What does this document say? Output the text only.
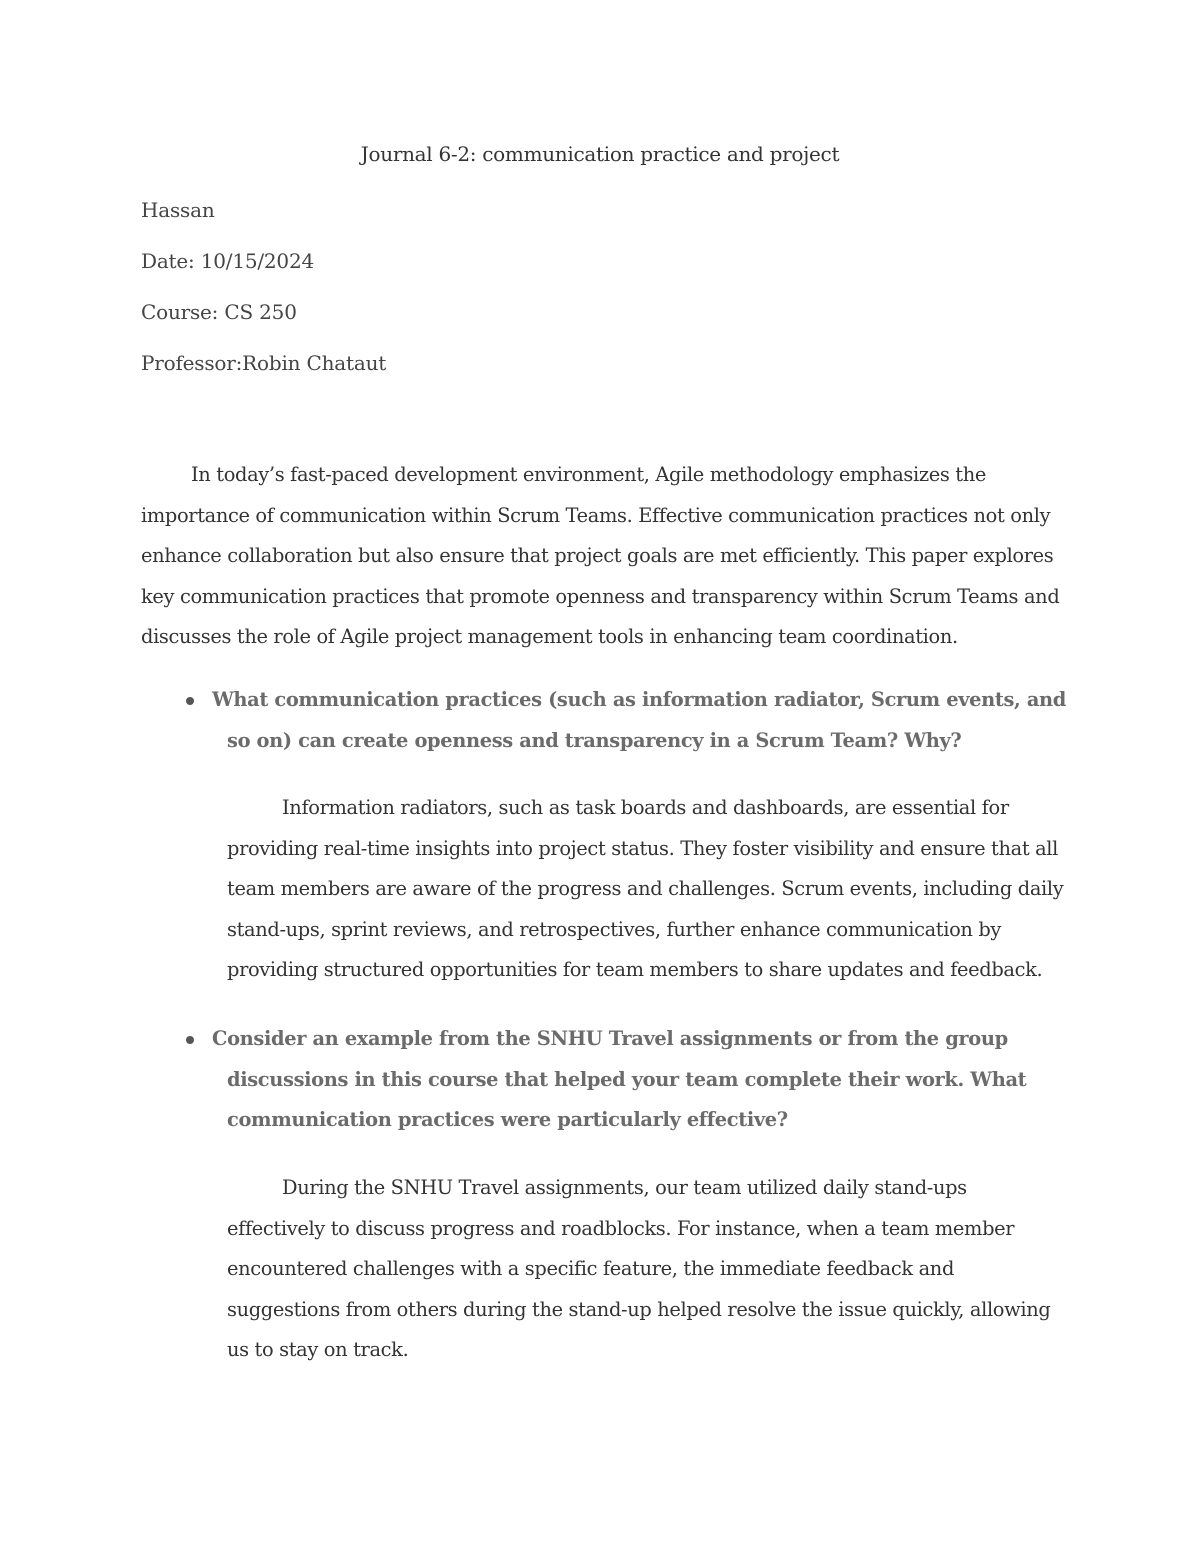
Journal 6-2: communication practice and project
Hassan
Date: 10/15/2024
Course: CS 250
Professor:Robin Chataut

In today’s fast-paced development environment, Agile methodology emphasizes the importance of communication within Scrum Teams. Effective communication practices not only enhance collaboration but also ensure that project goals are met efficiently. This paper explores key communication practices that promote openness and transparency within Scrum Teams and discusses the role of Agile project management tools in enhancing team coordination.

What communication practices (such as information radiator, Scrum events, and so on) can create openness and transparency in a Scrum Team? Why?

Information radiators, such as task boards and dashboards, are essential for providing real-time insights into project status. They foster visibility and ensure that all team members are aware of the progress and challenges. Scrum events, including daily stand-ups, sprint reviews, and retrospectives, further enhance communication by providing structured opportunities for team members to share updates and feedback.

Consider an example from the SNHU Travel assignments or from the group discussions in this course that helped your team complete their work. What communication practices were particularly effective?

During the SNHU Travel assignments, our team utilized daily stand-ups effectively to discuss progress and roadblocks. For instance, when a team member encountered challenges with a specific feature, the immediate feedback and suggestions from others during the stand-up helped resolve the issue quickly, allowing us to stay on track.
